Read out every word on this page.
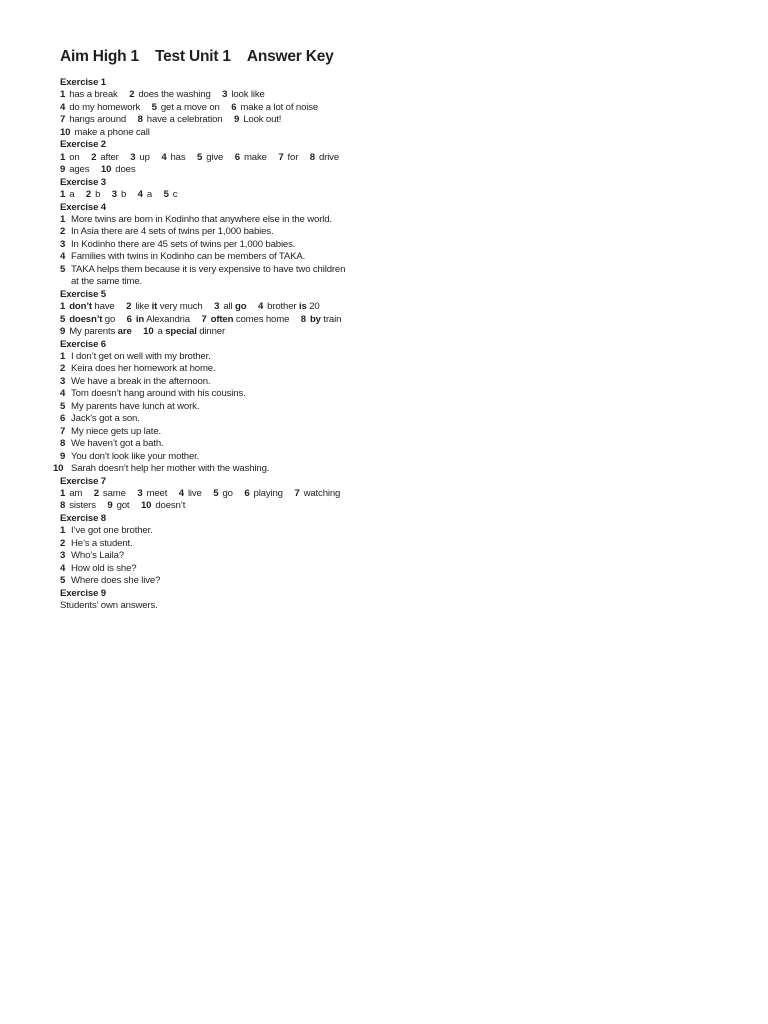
Aim High 1 Test Unit 1 Answer Key
Exercise 1
1 has a break 2 does the washing 3 look like
4 do my homework 5 get a move on 6 make a lot of noise
7 hangs around 8 have a celebration 9 Look out!
10 make a phone call
Exercise 2
1 on 2 after 3 up 4 has 5 give 6 make 7 for 8 drive
9 ages 10 does
Exercise 3
1 a 2 b 3 b 4 a 5 c
Exercise 4
1 More twins are born in Kodinho that anywhere else in the world.
2 In Asia there are 4 sets of twins per 1,000 babies.
3 In Kodinho there are 45 sets of twins per 1,000 babies.
4 Families with twins in Kodinho can be members of TAKA.
5 TAKA helps them because it is very expensive to have two children
at the same time.
Exercise 5
1 don’t have 2 like it very much 3 all go 4 brother is 20
5 doesn’t go 6 in Alexandria 7 often comes home 8 by train
9 My parents are 10 a special dinner
Exercise 6
1 I don’t get on well with my brother.
2 Keira does her homework at home.
3 We have a break in the afternoon.
4 Tom doesn’t hang around with his cousins.
5 My parents have lunch at work.
6 Jack’s got a son.
7 My niece gets up late.
8 We haven’t got a bath.
9 You don’t look like your mother.
10 Sarah doesn’t help her mother with the washing.
Exercise 7
1 am 2 same 3 meet 4 live 5 go 6 playing 7 watching
8 sisters 9 got 10 doesn’t
Exercise 8
1 I’ve got one brother.
2 He’s a student.
3 Who’s Laila?
4 How old is she?
5 Where does she live?
Exercise 9
Students’ own answers.
